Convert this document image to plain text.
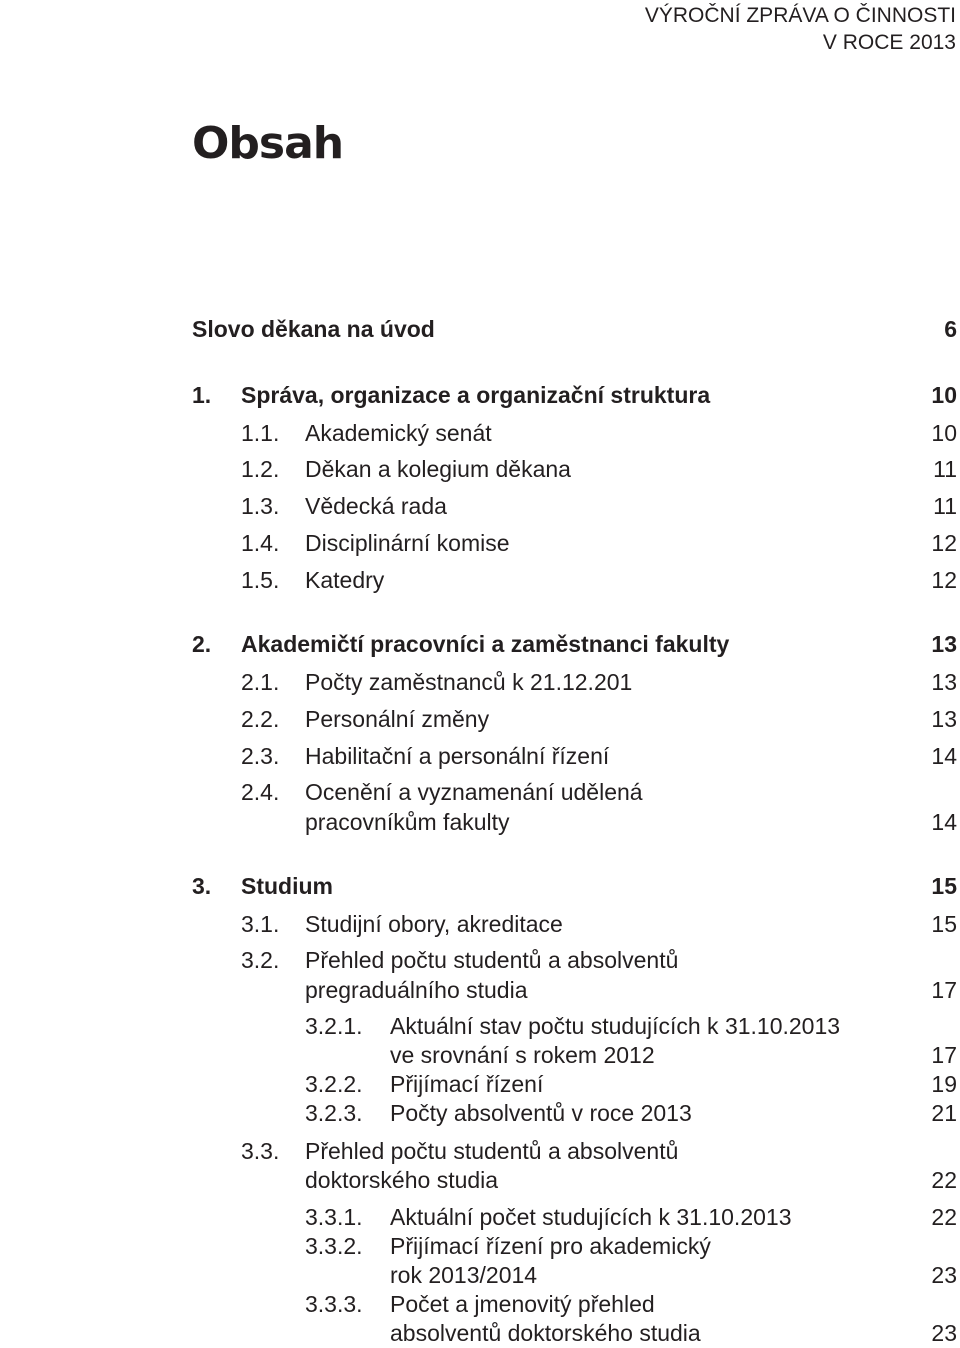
VÝROČNÍ ZPRÁVA O ČINNOSTI
V ROCE 2013
Obsah
Slovo děkana na úvod	6
1. Správa, organizace a organizační struktura	10
1.1. Akademický senát	10
1.2. Děkan a kolegium děkana	11
1.3. Vědecká rada	11
1.4. Disciplinární komise	12
1.5. Katedry	12
2. Akademičtí pracovníci a zaměstnanci fakulty	13
2.1. Počty zaměstnanců k 21.12.201	13
2.2. Personální změny	13
2.3. Habilitační a personální řízení	14
2.4. Ocenění a vyznamenání udělená
pracovníkům fakulty	14
3. Studium	15
3.1. Studijní obory, akreditace	15
3.2. Přehled počtu studentů a absolventů
pregraduálního studia	17
3.2.1. Aktuální stav počtu studujících k 31.10.2013
ve srovnání s rokem 2012	17
3.2.2. Přijímací řízení	19
3.2.3. Počty absolventů v roce 2013	21
3.3. Přehled počtu studentů a absolventů
doktorského studia	22
3.3.1. Aktuální počet studujících k 31.10.2013	22
3.3.2. Přijímací řízení pro akademický
rok 2013/2014	23
3.3.3. Počet a jmenovitý přehled
absolventů doktorského studia	23
